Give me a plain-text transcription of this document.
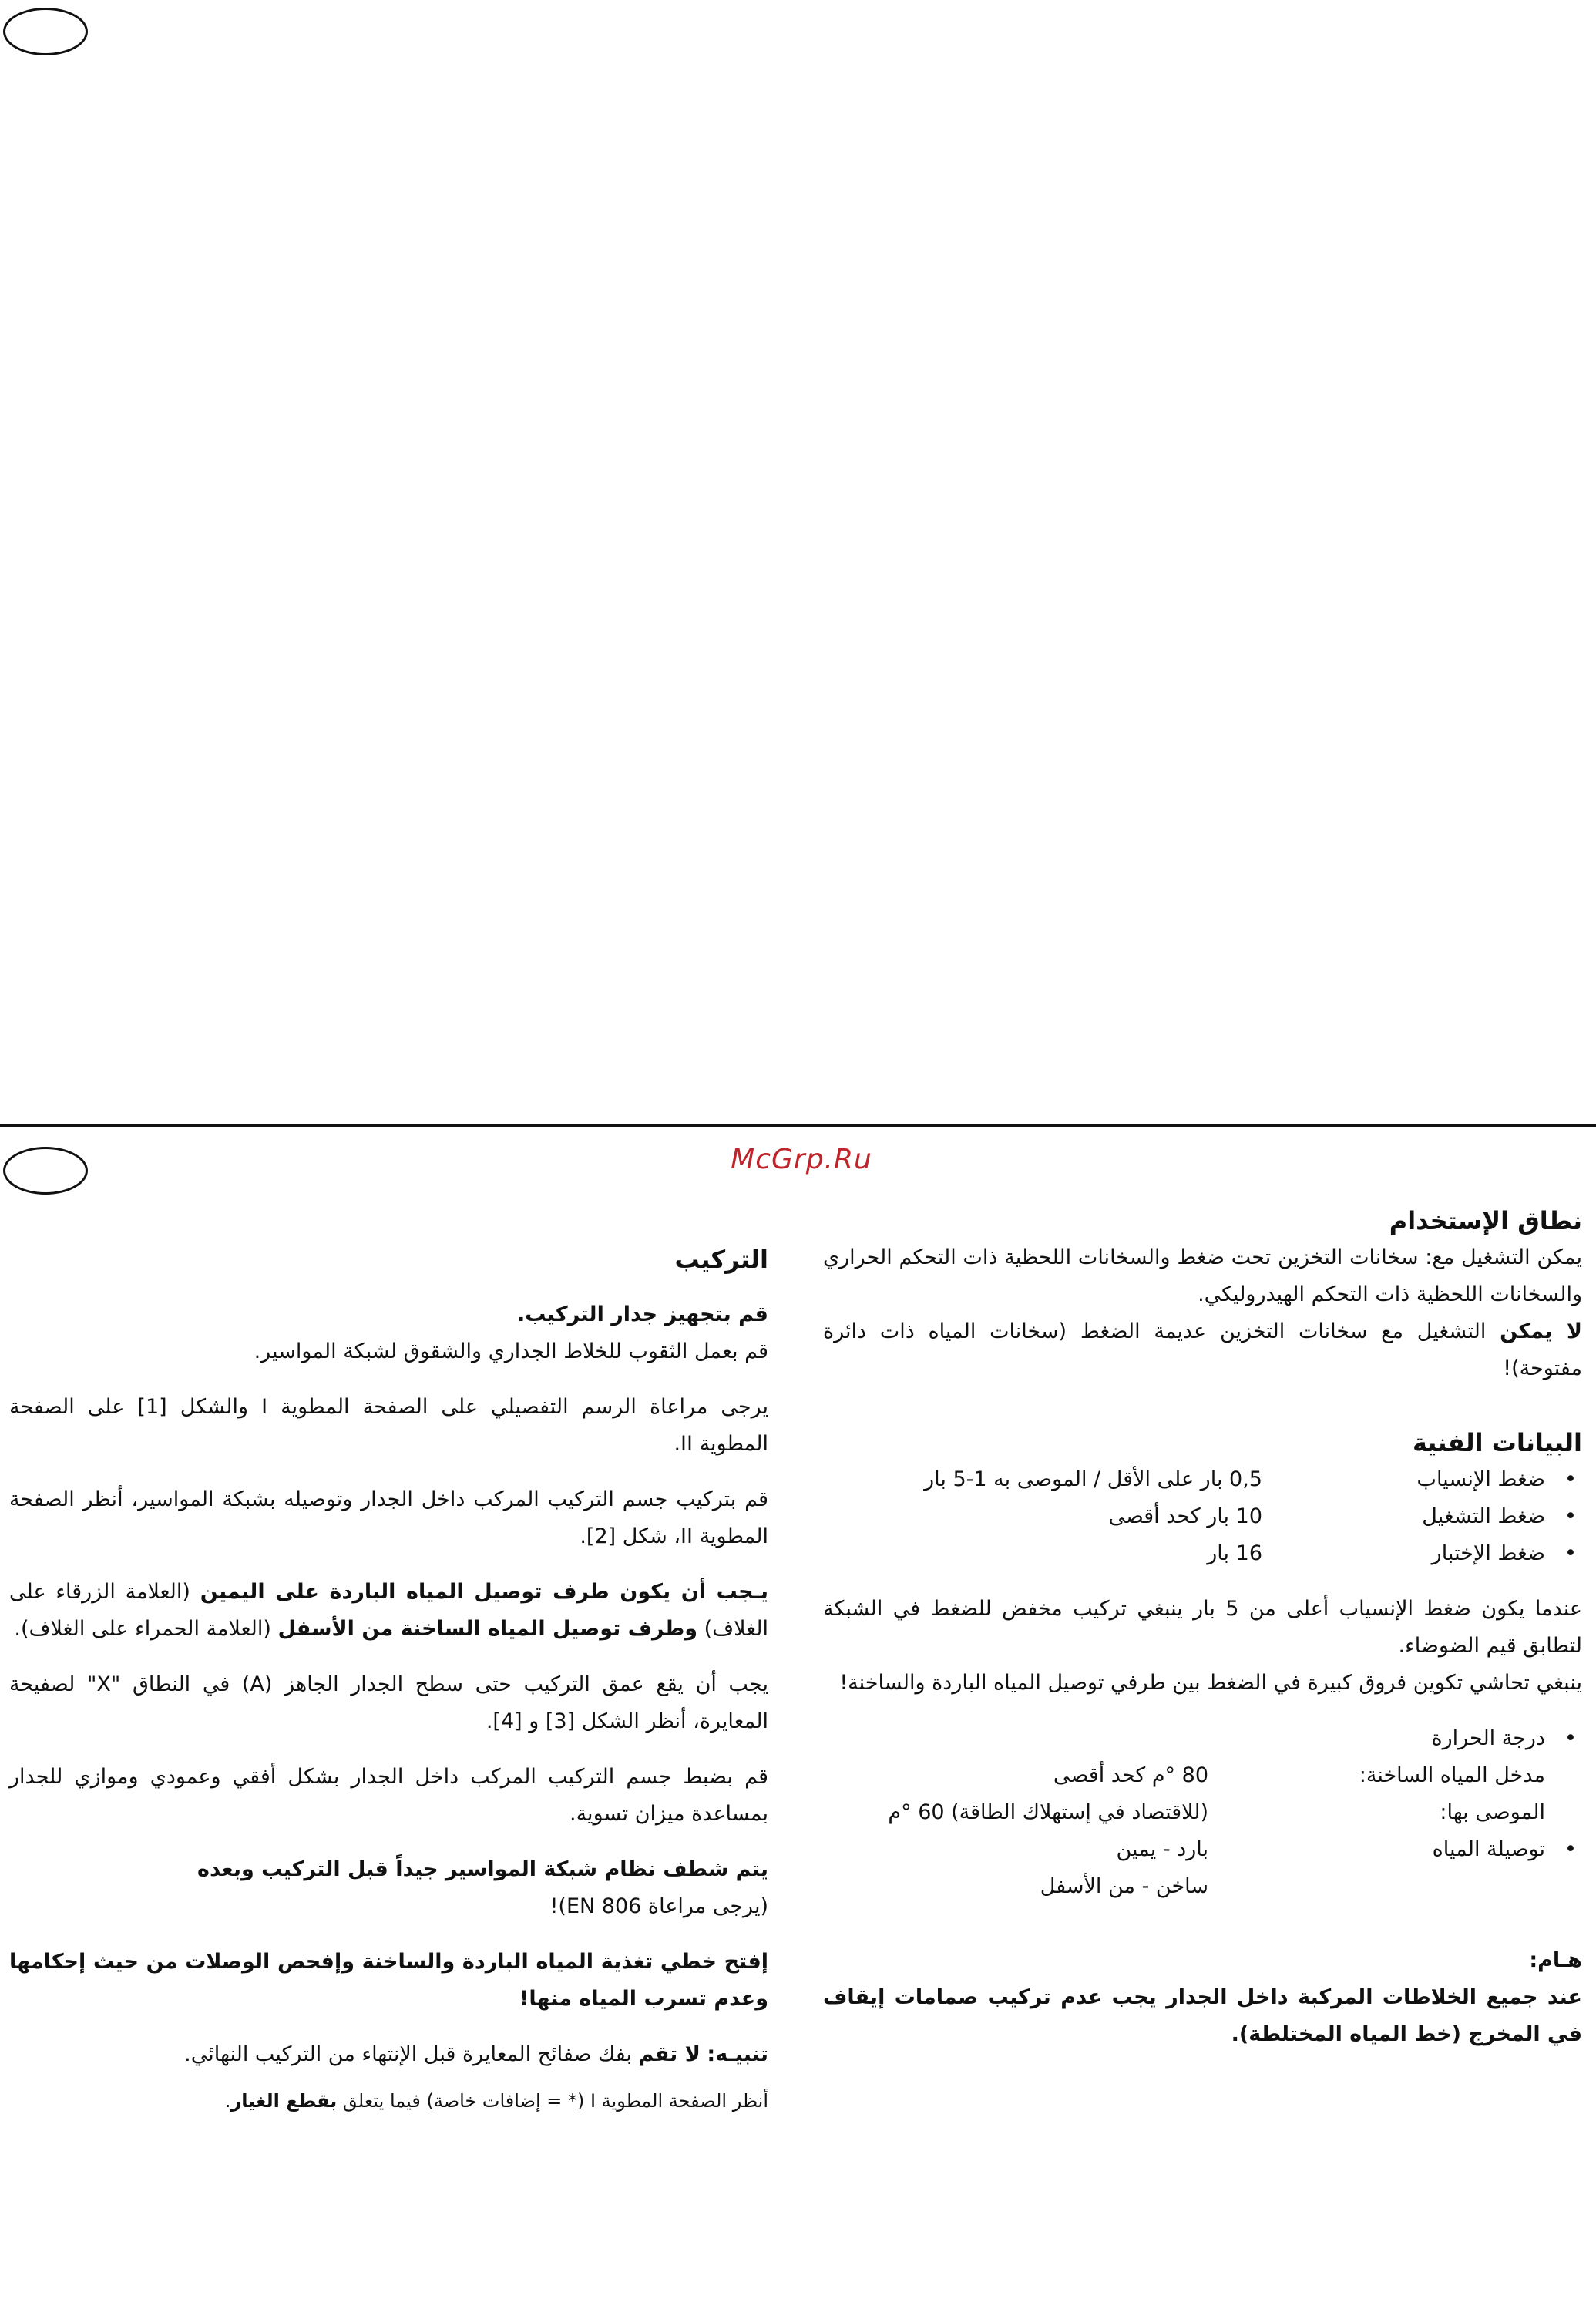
McGrp.Ru
نطاق الإستخدام

يمكن التشغيل مع: سخانات التخزين تحت ضغط والسخانات اللحظية ذات التحكم الحراري والسخانات اللحظية ذات التحكم الهيدروليكي.

لا يمكن التشغيل مع سخانات التخزين عديمة الضغط (سخانات المياه ذات دائرة مفتوحة)!

البيانات الفنية
•
ضغط الإنسياب
0,5 بار على الأقل / الموصى به 1-5 بار
•
ضغط التشغيل
10 بار كحد أقصى
•
ضغط الإختبار
16 بار

عندما يكون ضغط الإنسياب أعلى من 5 بار ينبغي تركيب مخفض للضغط في الشبكة لتطابق قيم الضوضاء.

ينبغي تحاشي تكوين فروق كبيرة في الضغط بين طرفي توصيل المياه الباردة والساخنة!

•
درجة الحرارة
مدخل المياه الساخنة:
80 °م كحد أقصى
الموصى بها:
(للاقتصاد في إستهلاك الطاقة) 60 °م
•
توصيلة المياه
بارد - يمين
ساخن - من الأسفل
هـام:

عند جميع الخلاطات المركبة داخل الجدار يجب عدم تركيب صمامات إيقاف في المخرج (خط المياه المختلطة).

التركيب

قم بتجهيز جدار التركيب.
قم بعمل الثقوب للخلاط الجداري والشقوق لشبكة المواسير.

يرجى مراعاة الرسم التفصيلي على الصفحة المطوية I والشكل [1] على الصفحة المطوية II.

قم بتركيب جسم التركيب المركب داخل الجدار وتوصيله بشبكة المواسير، أنظر الصفحة المطوية II، شكل [2].

يـجب أن يكون طرف توصيل المياه الباردة على اليمين (العلامة الزرقاء على الغلاف) وطرف توصيل المياه الساخنة من الأسفل (العلامة الحمراء على الغلاف).

يجب أن يقع عمق التركيب حتى سطح الجدار الجاهز (A) في النطاق "X" لصفيحة المعايرة، أنظر الشكل [3] و [4].

قم بضبط جسم التركيب المركب داخل الجدار بشكل أفقي وعمودي وموازي للجدار بمساعدة ميزان تسوية.

يتم شطف نظام شبكة المواسير جيداً قبل التركيب وبعده
(يرجى مراعاة EN 806)!

إفتح خطي تغذية المياه الباردة والساخنة وإفحص الوصلات من حيث إحكامها وعدم تسرب المياه منها!

تنبيـه: لا تقم بفك صفائح المعايرة قبل الإنتهاء من التركيب النهائي.

أنظر الصفحة المطوية I (* = إضافات خاصة) فيما يتعلق بقطع الغيار.
